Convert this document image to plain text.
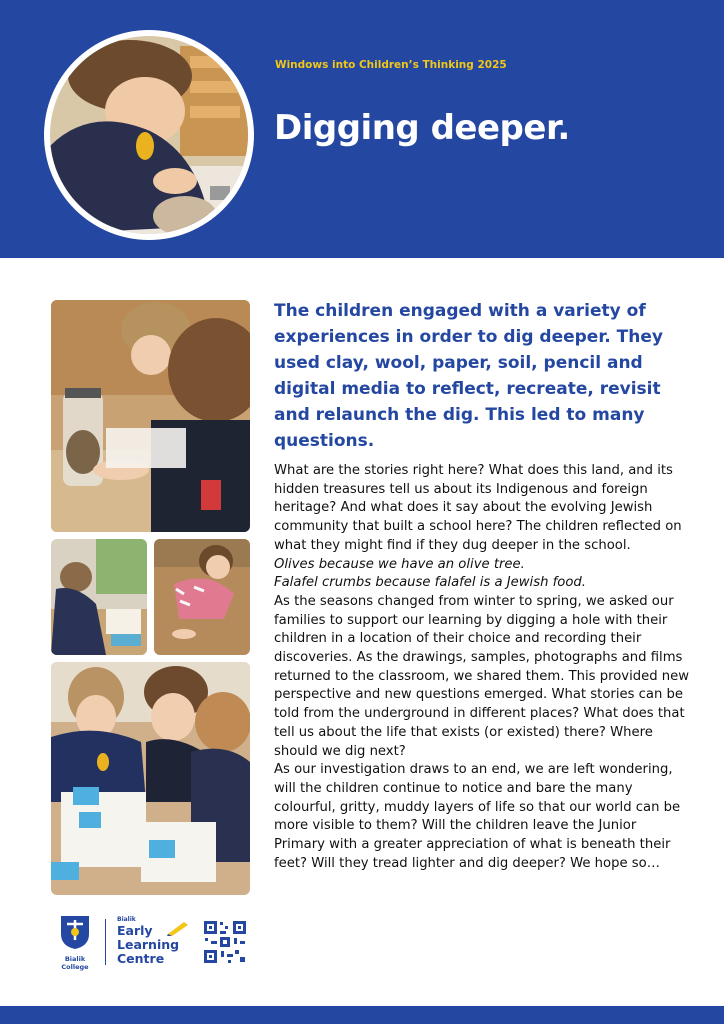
Windows into Children’s Thinking 2025
Digging deeper.

The children engaged with a variety of experiences in order to dig deeper. They used clay, wool, paper, soil, pencil and digital media to reflect, recreate, revisit and relaunch the dig. This led to many questions.

What are the stories right here? What does this land, and its hidden treasures tell us about its Indigenous and foreign heritage? And what does it say about the evolving Jewish community that built a school here? The children reflected on what they might find if they dug deeper in the school.

Olives because we have an olive tree.

Falafel crumbs because falafel is a Jewish food.

As the seasons changed from winter to spring, we asked our families to support our learning by digging a hole with their children in a location of their choice and recording their discoveries. As the drawings, samples, photographs and films returned to the classroom, we shared them. This provided new perspective and new questions emerged. What stories can be told from the underground in different places? What does that tell us about the life that exists (or existed) there? Where should we dig next?

As our investigation draws to an end, we are left wondering, will the children continue to notice and bare the many colourful, gritty, muddy layers of life so that our world can be more visible to them? Will the children leave the Junior Primary with a greater appreciation of what is beneath their feet? Will they tread lighter and dig deeper? We hope so…

Bialik College
Bialik
Early
Learning
Centre
